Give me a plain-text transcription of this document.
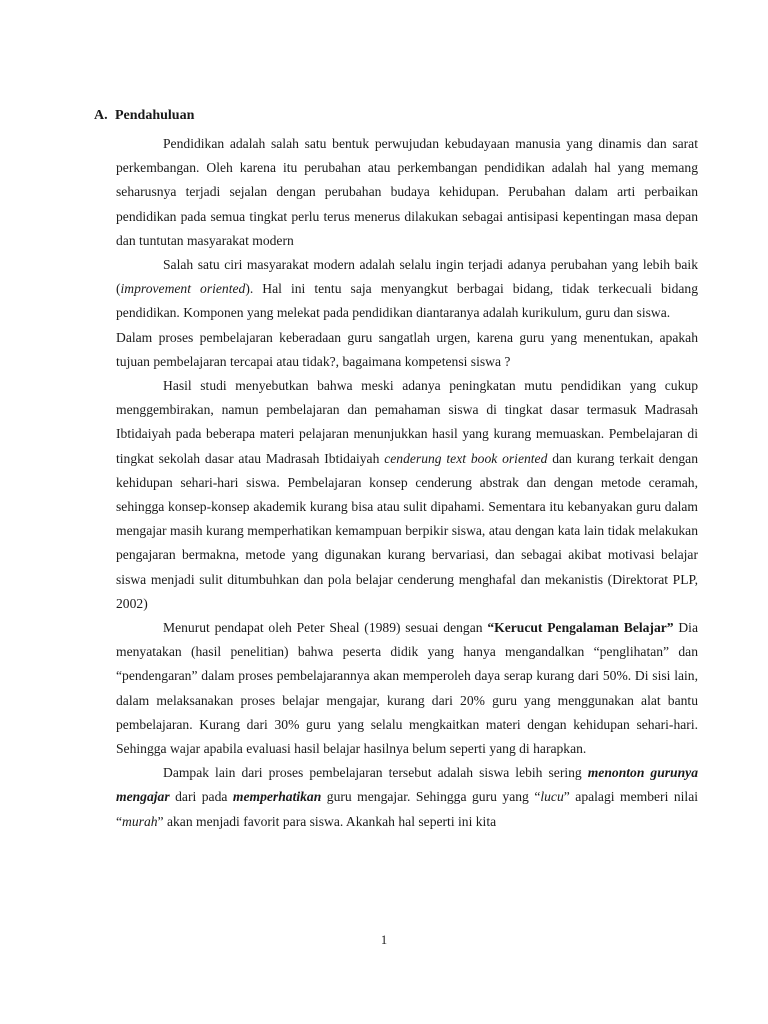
A. Pendahuluan

Pendidikan adalah salah satu bentuk perwujudan kebudayaan manusia yang dinamis dan sarat perkembangan. Oleh karena itu perubahan atau perkembangan pendidikan adalah hal yang memang seharusnya terjadi sejalan dengan perubahan budaya kehidupan. Perubahan dalam arti perbaikan pendidikan pada semua tingkat perlu terus menerus dilakukan sebagai antisipasi kepentingan masa depan dan tuntutan masyarakat modern

Salah satu ciri masyarakat modern adalah selalu ingin terjadi adanya perubahan yang lebih baik (improvement oriented). Hal ini tentu saja menyangkut berbagai bidang, tidak terkecuali bidang pendidikan. Komponen yang melekat pada pendidikan diantaranya adalah kurikulum, guru dan siswa.

Dalam proses pembelajaran keberadaan guru sangatlah urgen, karena guru yang menentukan, apakah tujuan pembelajaran tercapai atau tidak?, bagaimana kompetensi siswa ?

Hasil studi menyebutkan bahwa meski adanya peningkatan mutu pendidikan yang cukup menggembirakan, namun pembelajaran dan pemahaman siswa di tingkat dasar termasuk Madrasah Ibtidaiyah pada beberapa materi pelajaran menunjukkan hasil yang kurang memuaskan. Pembelajaran di tingkat sekolah dasar atau Madrasah Ibtidaiyah cenderung text book oriented dan kurang terkait dengan kehidupan sehari-hari siswa. Pembelajaran konsep cenderung abstrak dan dengan metode ceramah, sehingga konsep-konsep akademik kurang bisa atau sulit dipahami. Sementara itu kebanyakan guru dalam mengajar masih kurang memperhatikan kemampuan berpikir siswa, atau dengan kata lain tidak melakukan pengajaran bermakna, metode yang digunakan kurang bervariasi, dan sebagai akibat motivasi belajar siswa menjadi sulit ditumbuhkan dan pola belajar cenderung menghafal dan mekanistis (Direktorat PLP, 2002)

Menurut pendapat oleh Peter Sheal (1989) sesuai dengan “Kerucut Pengalaman Belajar” Dia menyatakan (hasil penelitian) bahwa peserta didik yang hanya mengandalkan “penglihatan” dan “pendengaran” dalam proses pembelajarannya akan memperoleh daya serap kurang dari 50%. Di sisi lain, dalam melaksanakan proses belajar mengajar, kurang dari 20% guru yang menggunakan alat bantu pembelajaran. Kurang dari 30% guru yang selalu mengkaitkan materi dengan kehidupan sehari-hari. Sehingga wajar apabila evaluasi hasil belajar hasilnya belum seperti yang di harapkan.

Dampak lain dari proses pembelajaran tersebut adalah siswa lebih sering menonton gurunya mengajar dari pada memperhatikan guru mengajar. Sehingga guru yang “lucu” apalagi memberi nilai “murah” akan menjadi favorit para siswa. Akankah hal seperti ini kita

1
